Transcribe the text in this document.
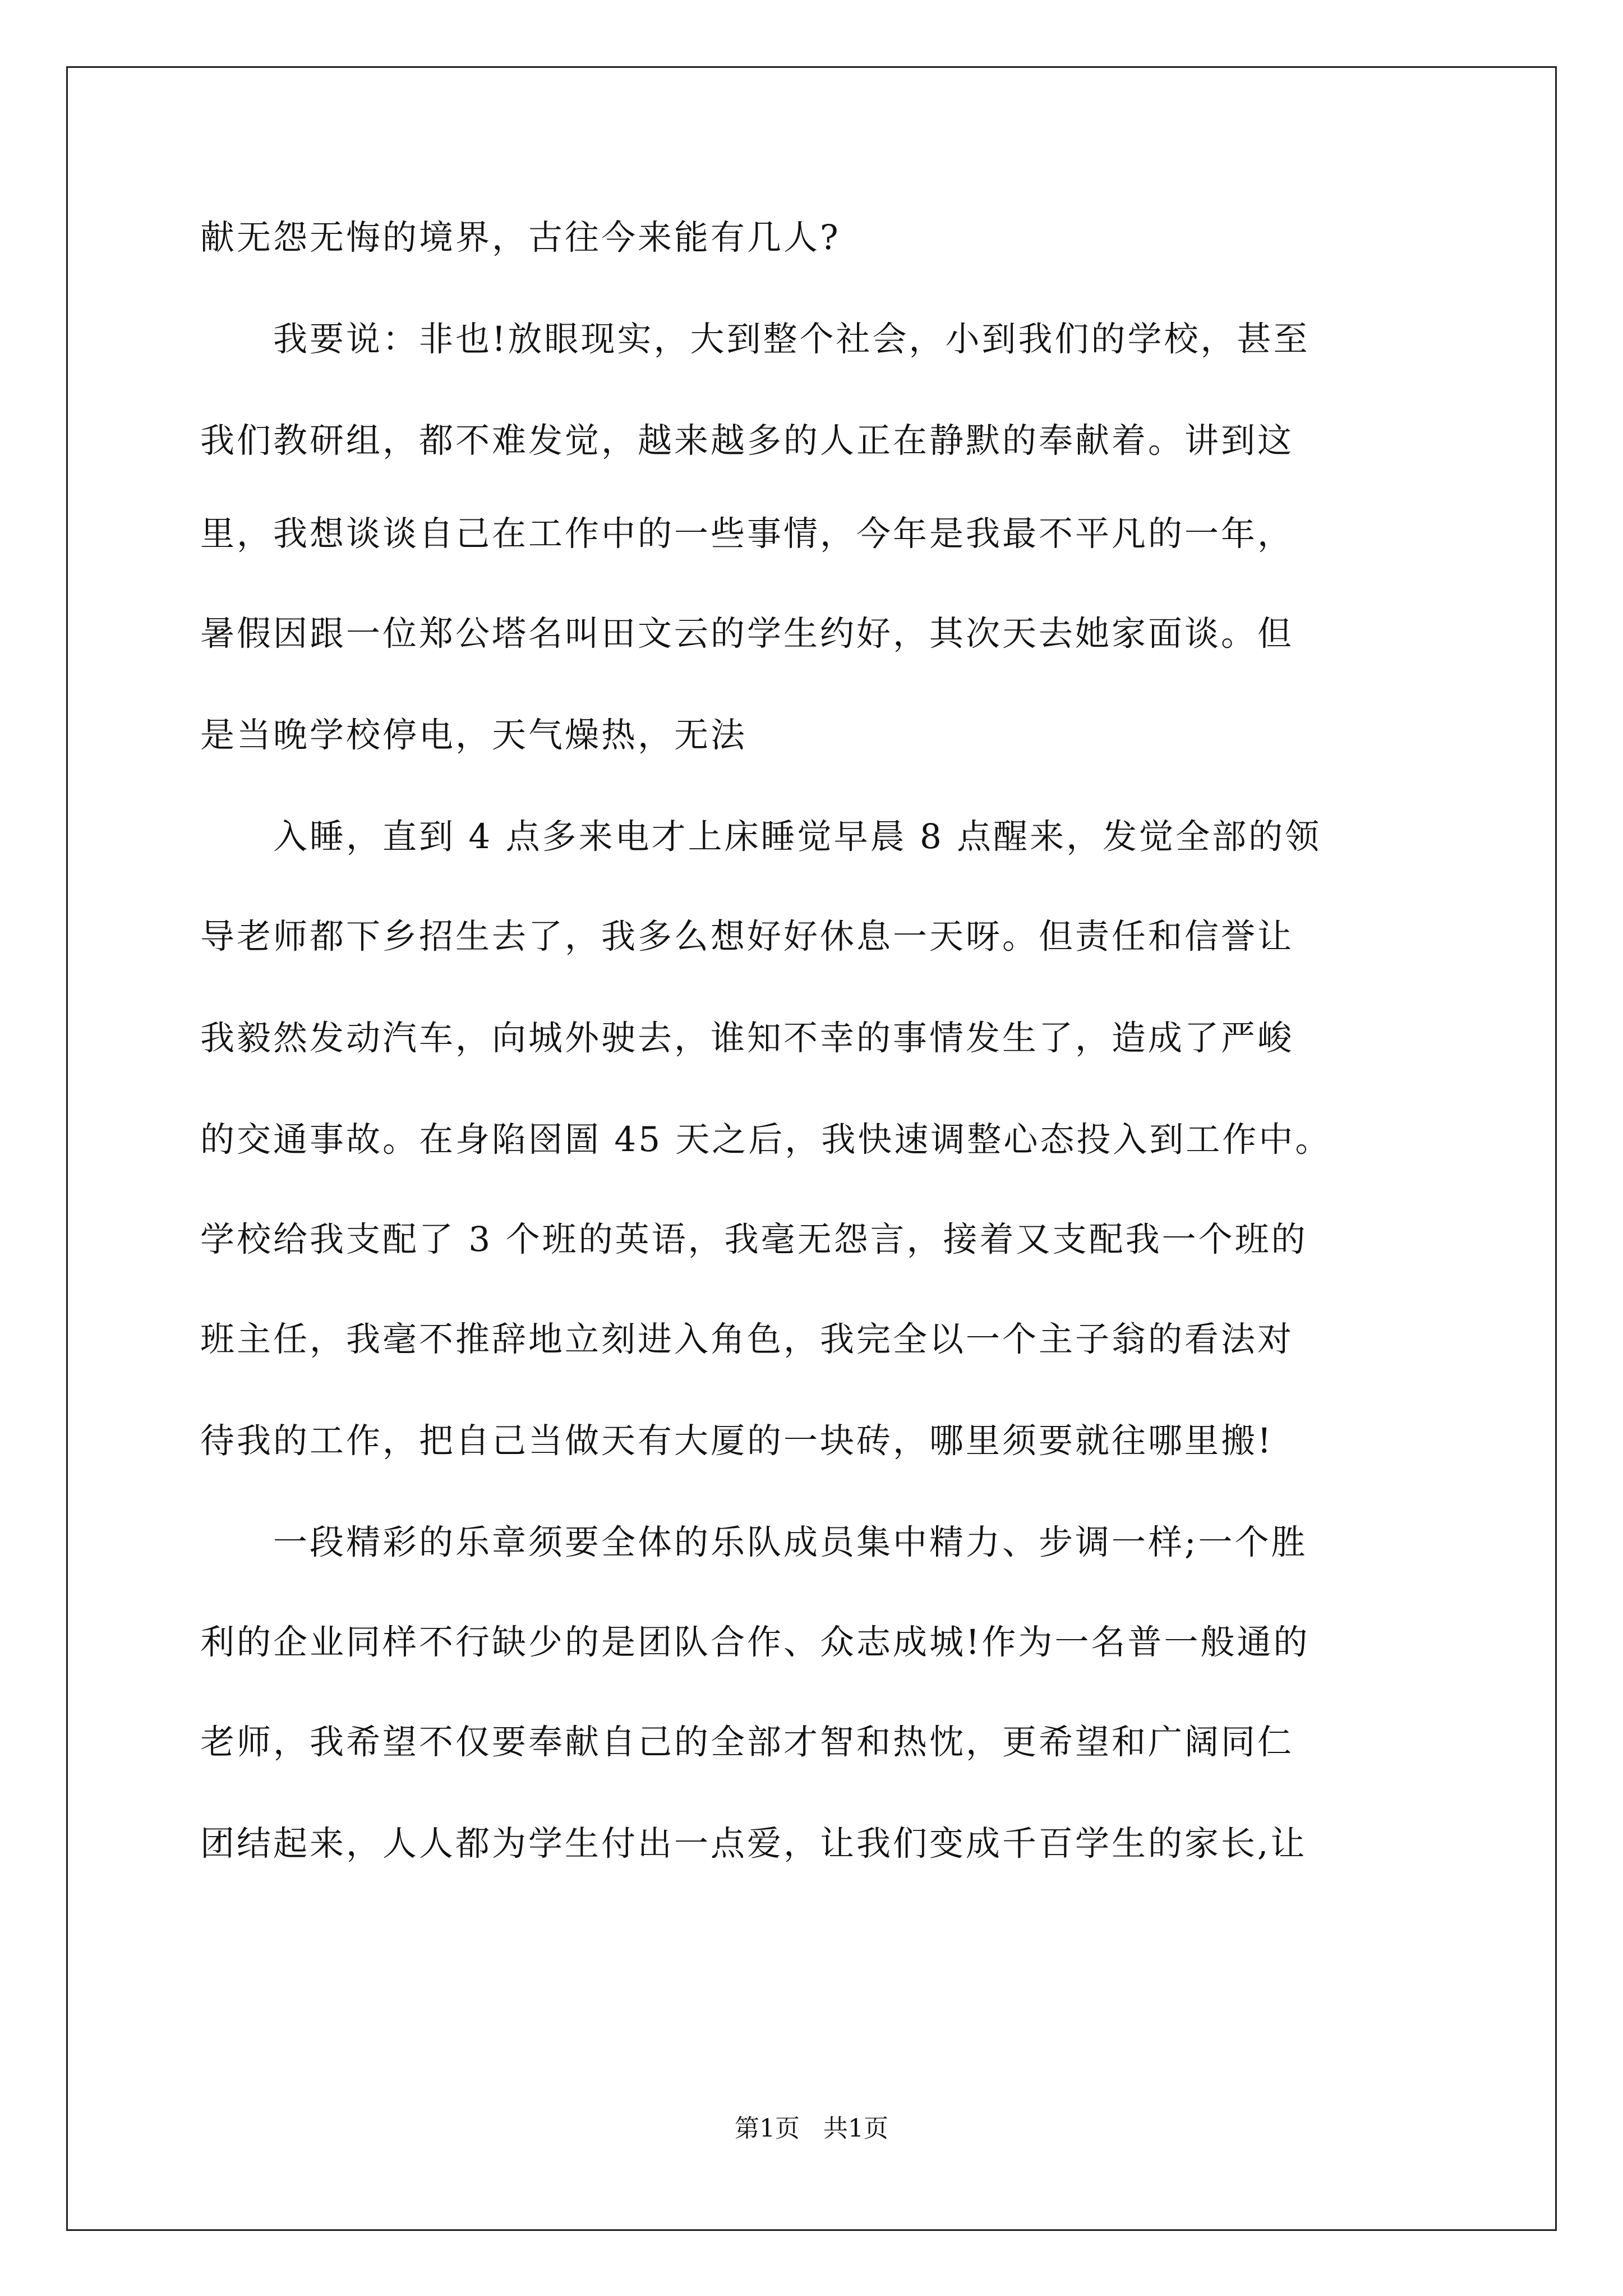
献无怨无悔的境界，古往今来能有几人?
　　我要说：非也!放眼现实，大到整个社会，小到我们的学校，甚至
我们教研组，都不难发觉，越来越多的人正在静默的奉献着。讲到这
里，我想谈谈自己在工作中的一些事情，今年是我最不平凡的一年，
暑假因跟一位郑公塔名叫田文云的学生约好，其次天去她家面谈。但
是当晚学校停电，天气燥热，无法
　　入睡，直到 4 点多来电才上床睡觉早晨 8 点醒来，发觉全部的领
导老师都下乡招生去了，我多么想好好休息一天呀。但责任和信誉让
我毅然发动汽车，向城外驶去，谁知不幸的事情发生了，造成了严峻
的交通事故。在身陷囹圄 45 天之后，我快速调整心态投入到工作中。
学校给我支配了 3 个班的英语，我毫无怨言，接着又支配我一个班的
班主任，我毫不推辞地立刻进入角色，我完全以一个主子翁的看法对
待我的工作，把自己当做天有大厦的一块砖，哪里须要就往哪里搬!
　　一段精彩的乐章须要全体的乐队成员集中精力、步调一样;一个胜
利的企业同样不行缺少的是团队合作、众志成城!作为一名普一般通的
老师，我希望不仅要奉献自己的全部才智和热忱，更希望和广阔同仁
团结起来，人人都为学生付出一点爱，让我们变成千百学生的家长,让
第1页   共1页
